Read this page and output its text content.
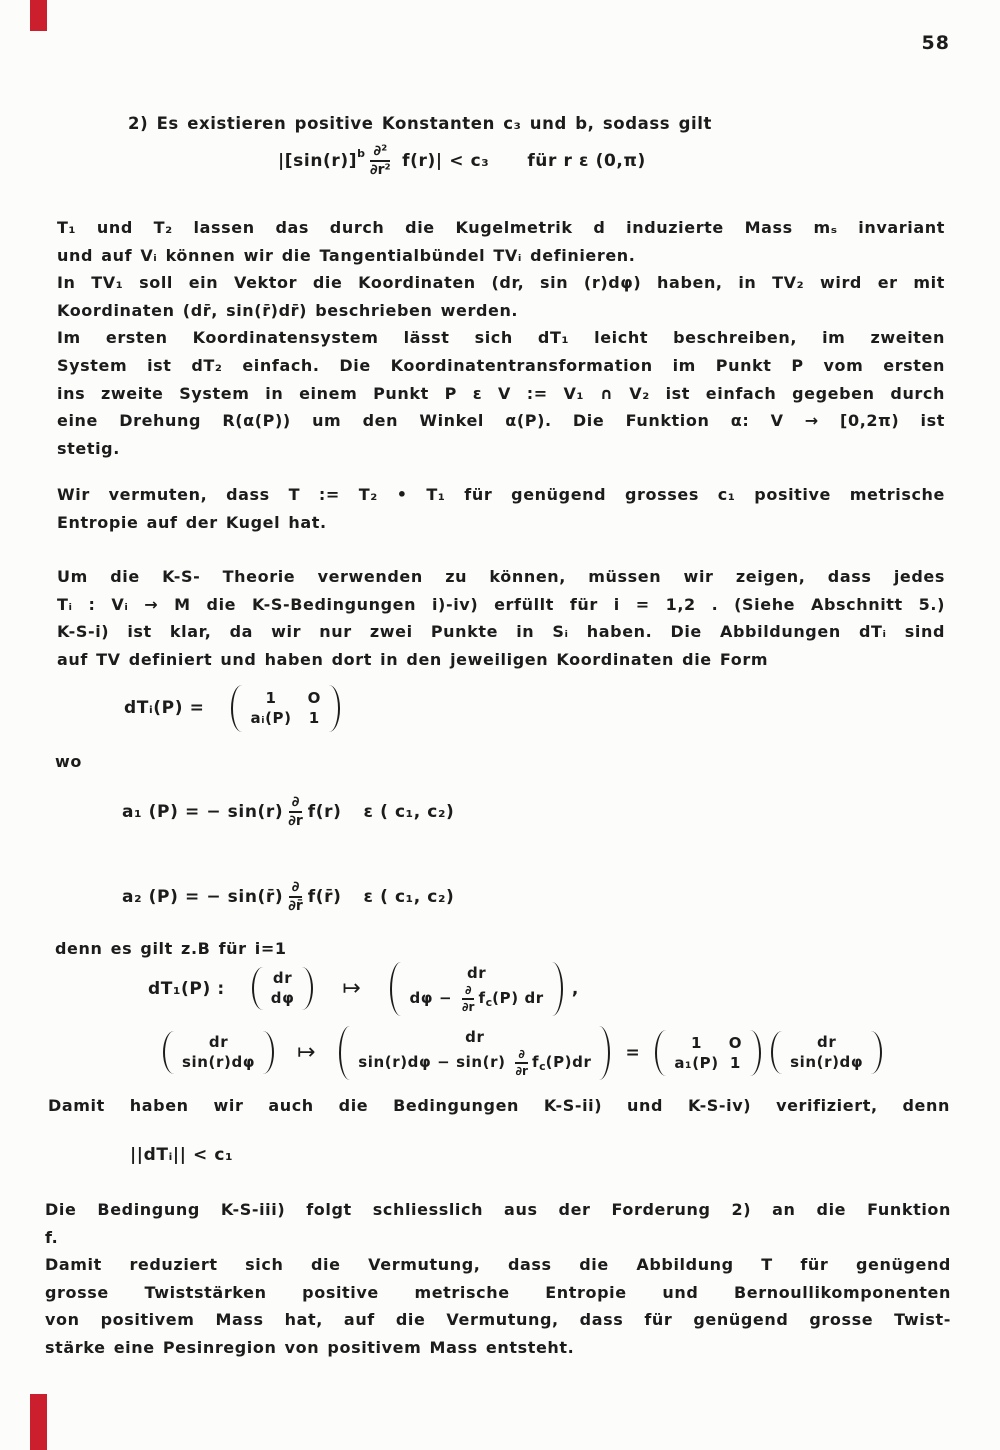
58
2) Es existieren positive Konstanten c₃ und b, sodass gilt
|[sin(r)] b $\frac{\text{∂²}}{\text{∂r²}} f(r)| < c_3$ für r ε (0,π)
T₁ und T₂ lassen das durch die Kugelmetrik d induzierte Mass mₛ invariant
und auf Vᵢ können wir die Tangentialbündel TVᵢ definieren.
In TV₁ soll ein Vektor die Koordinaten (dr, sin (r)dφ) haben, in TV₂ wird er mit
Koordinaten (dr̄, sin(r̄)dr̄) beschrieben werden.
Im ersten Koordinatensystem lässt sich dT₁ leicht beschreiben, im zweiten
System ist dT₂ einfach. Die Koordinatentransformation im Punkt P vom ersten
ins zweite System in einem Punkt P ε V := V₁ ∩ V₂ ist einfach gegeben durch
eine Drehung R(α(P)) um den Winkel α(P). Die Funktion α: V → [0,2π) ist
stetig.
Wir vermuten, dass T := T₂ • T₁ für genügend grosses c₁ positive metrische
Entropie auf der Kugel hat.
Um die K-S- Theorie verwenden zu können, müssen wir zeigen, dass jedes
Tᵢ : Vᵢ → M die K-S-Bedingungen i)-iv) erfüllt für i = 1,2 . (Siehe Abschnitt 5.)
K-S-i) ist klar, da wir nur zwei Punkte in Sᵢ haben. Die Abbildungen dTᵢ sind
auf TV definiert und haben dort in den jeweiligen Koordinaten die Form
dTᵢ(P) =
1	O
aᵢ(P) 1
wo
a₁ (P) = − $\sin(r) \frac{\partial}{\partial r} f(r)$ ε ( c₁, c₂)
a₂ (P) = − sin(r̄) $\frac{\partial}{\partial r̄}$ f(r̄) ε ( c₁, c₂)
denn es gilt z.B für i=1
dT₁(P) :
dr
dφ ↦
dr
$d\varphi - \frac{\partial}{\partial r}$ f c (P) dr ,
dr
sin(r)dφ ↦
dr
$\sin(r)d\varphi - \sin(r) \frac{\partial}{\partial r}$ f c (P)dr =
1	O
a₁(P) 1
dr
sin(r)dφ
Damit haben wir auch die Bedingungen K-S-ii) und K-S-iv) verifiziert, denn
||dTᵢ|| < c₁
Die Bedingung K-S-iii) folgt schliesslich aus der Forderung 2) an die Funktion
f.
Damit reduziert sich die Vermutung, dass die Abbildung T für genügend
grosse Twiststärken positive metrische Entropie und Bernoullikomponenten
von positivem Mass hat, auf die Vermutung, dass für genügend grosse Twist-
stärke eine Pesinregion von positivem Mass entsteht.
